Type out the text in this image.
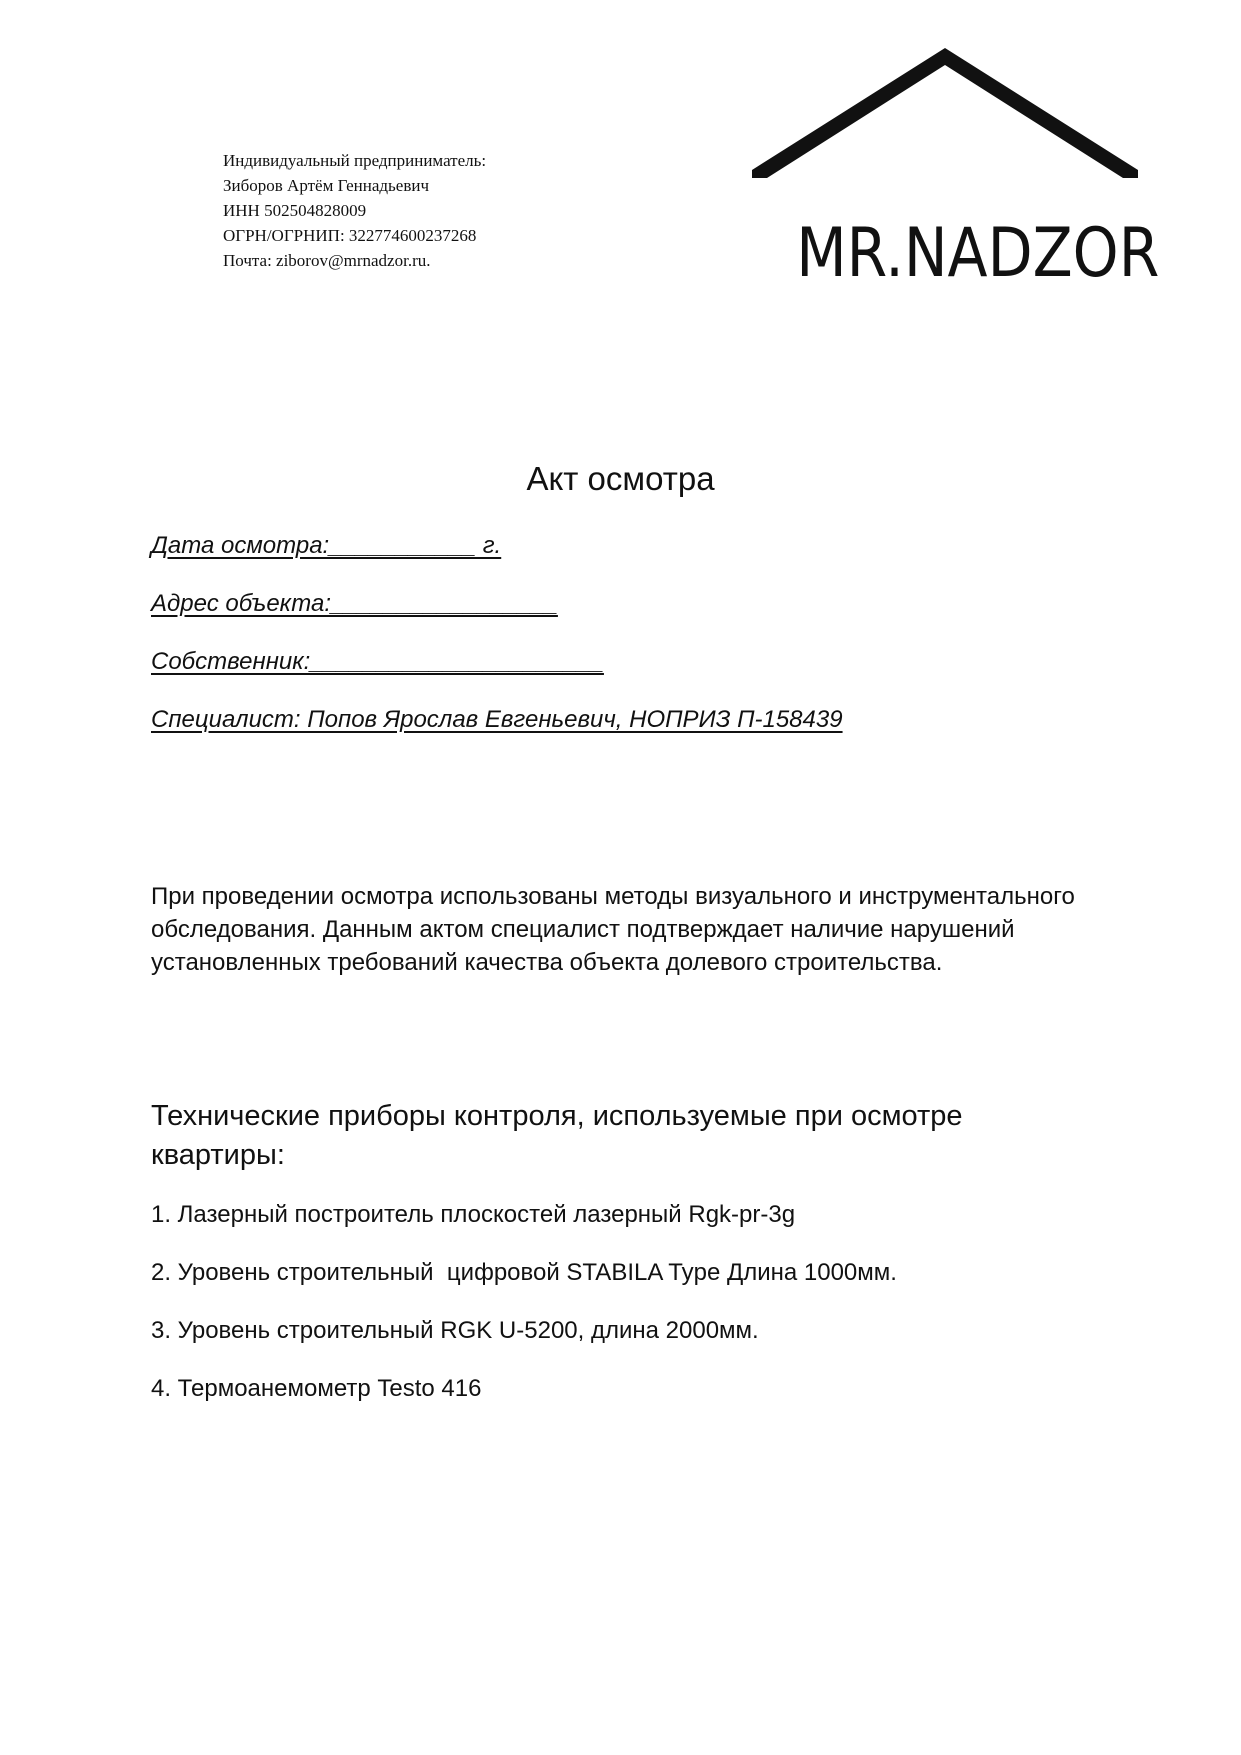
Индивидуальный предприниматель:
Зиборов Артём Геннадьевич
ИНН 502504828009
ОГРН/ОГРНИП: 322774600237268
Почта: ziborov@mrnadzor.ru.	MR.NADZOR
Акт осмотра
Дата осмотра:___________ г.
Адрес объекта:_________________
Собственник:______________________
Специалист: Попов Ярослав Евгеньевич, НОПРИЗ П-158439
При проведении осмотра использованы методы визуального и инструментального обследования. Данным актом специалист подтверждает наличие нарушений установленных требований качества объекта долевого строительства.
Технические приборы контроля, используемые при осмотре квартиры:
1. Лазерный построитель плоскостей лазерный Rgk-pr-3g
2. Уровень строительный  цифровой STABILA Type Длина 1000мм.
3. Уровень строительный RGK U-5200, длина 2000мм.
4. Термоанемометр Testo 416
